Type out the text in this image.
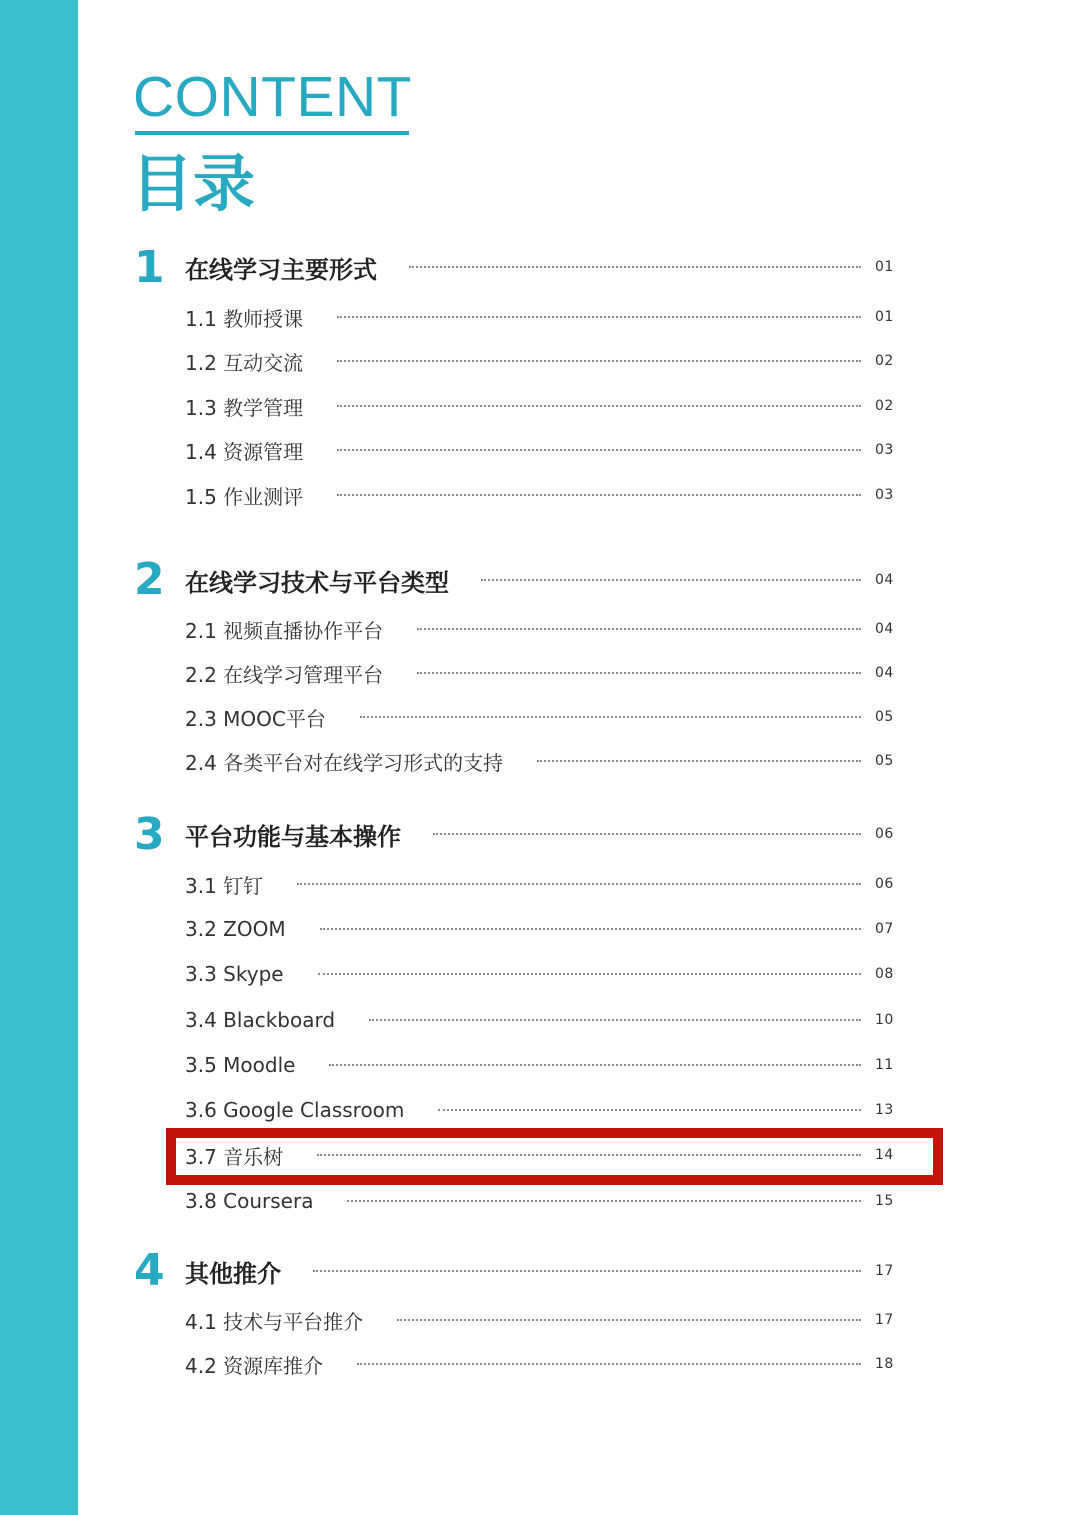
CONTENT
目录
1 在线学习主要形式	01
1.1 教师授课	01
1.2 互动交流	02
1.3 教学管理	02
1.4 资源管理	03
1.5 作业测评	03
2 在线学习技术与平台类型	04
2.1 视频直播协作平台	04
2.2 在线学习管理平台	04
2.3 MOOC平台	05
2.4 各类平台对在线学习形式的支持	05
3 平台功能与基本操作	06
3.1 钉钉	06
3.2 ZOOM	07
3.3 Skype	08
3.4 Blackboard	10
3.5 Moodle	11
3.6 Google Classroom	13
3.7 音乐树	14
3.8 Coursera	15
4 其他推介	17
4.1 技术与平台推介	17
4.2 资源库推介	18
